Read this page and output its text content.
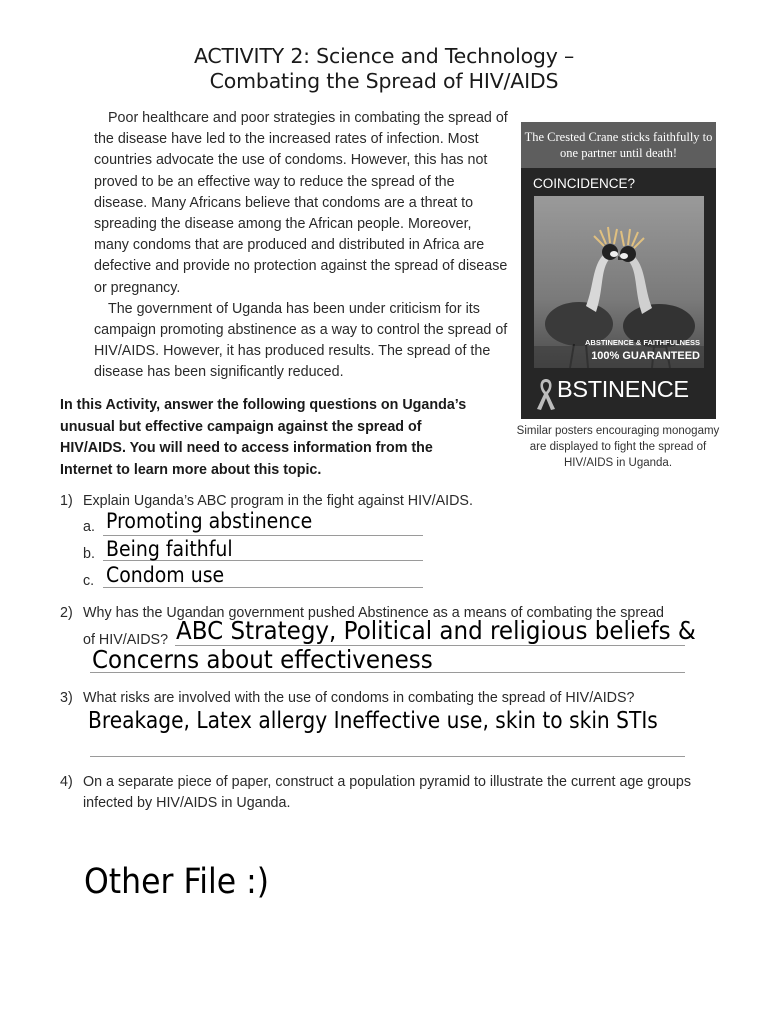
ACTIVITY 2: Science and Technology –
Combating the Spread of HIV/AIDS

Poor healthcare and poor strategies in combating the spread of the disease have led to the increased rates of infection. Most countries advocate the use of condoms. However, this has not proved to be an effective way to reduce the spread of the disease. Many Africans believe that condoms are a threat to spreading the disease among the African people. Moreover, many condoms that are produced and distributed in Africa are defective and provide no protection against the spread of disease or pregnancy.

The government of Uganda has been under criticism for its campaign promoting abstinence as a way to control the spread of HIV/AIDS. However, it has produced results. The spread of the disease has been significantly reduced.

The Crested Crane sticks faithfully to one partner until death!
COINCIDENCE?
ABSTINENCE & FAITHFULNESS
100% GUARANTEED
BSTINENCE
Similar posters encouraging monogamy are displayed to fight the spread of HIV/AIDS in Uganda.
In this Activity, answer the following questions on Uganda’s unusual but effective campaign against the spread of HIV/AIDS. You will need to access information from the Internet to learn more about this topic.
1) Explain Uganda’s ABC program in the fight against HIV/AIDS.
a. Promoting abstinence
b. Being faithful
c. Condom use
2) Why has the Ugandan government pushed Abstinence as a means of combating the spread
of HIV/AIDS? ABC Strategy, Political and religious beliefs &
Concerns about effectiveness
3) What risks are involved with the use of condoms in combating the spread of HIV/AIDS?
Breakage, Latex allergy Ineffective use, skin to skin STIs
4) On a separate piece of paper, construct a population pyramid to illustrate the current age groups infected by HIV/AIDS in Uganda.
Other File :)
